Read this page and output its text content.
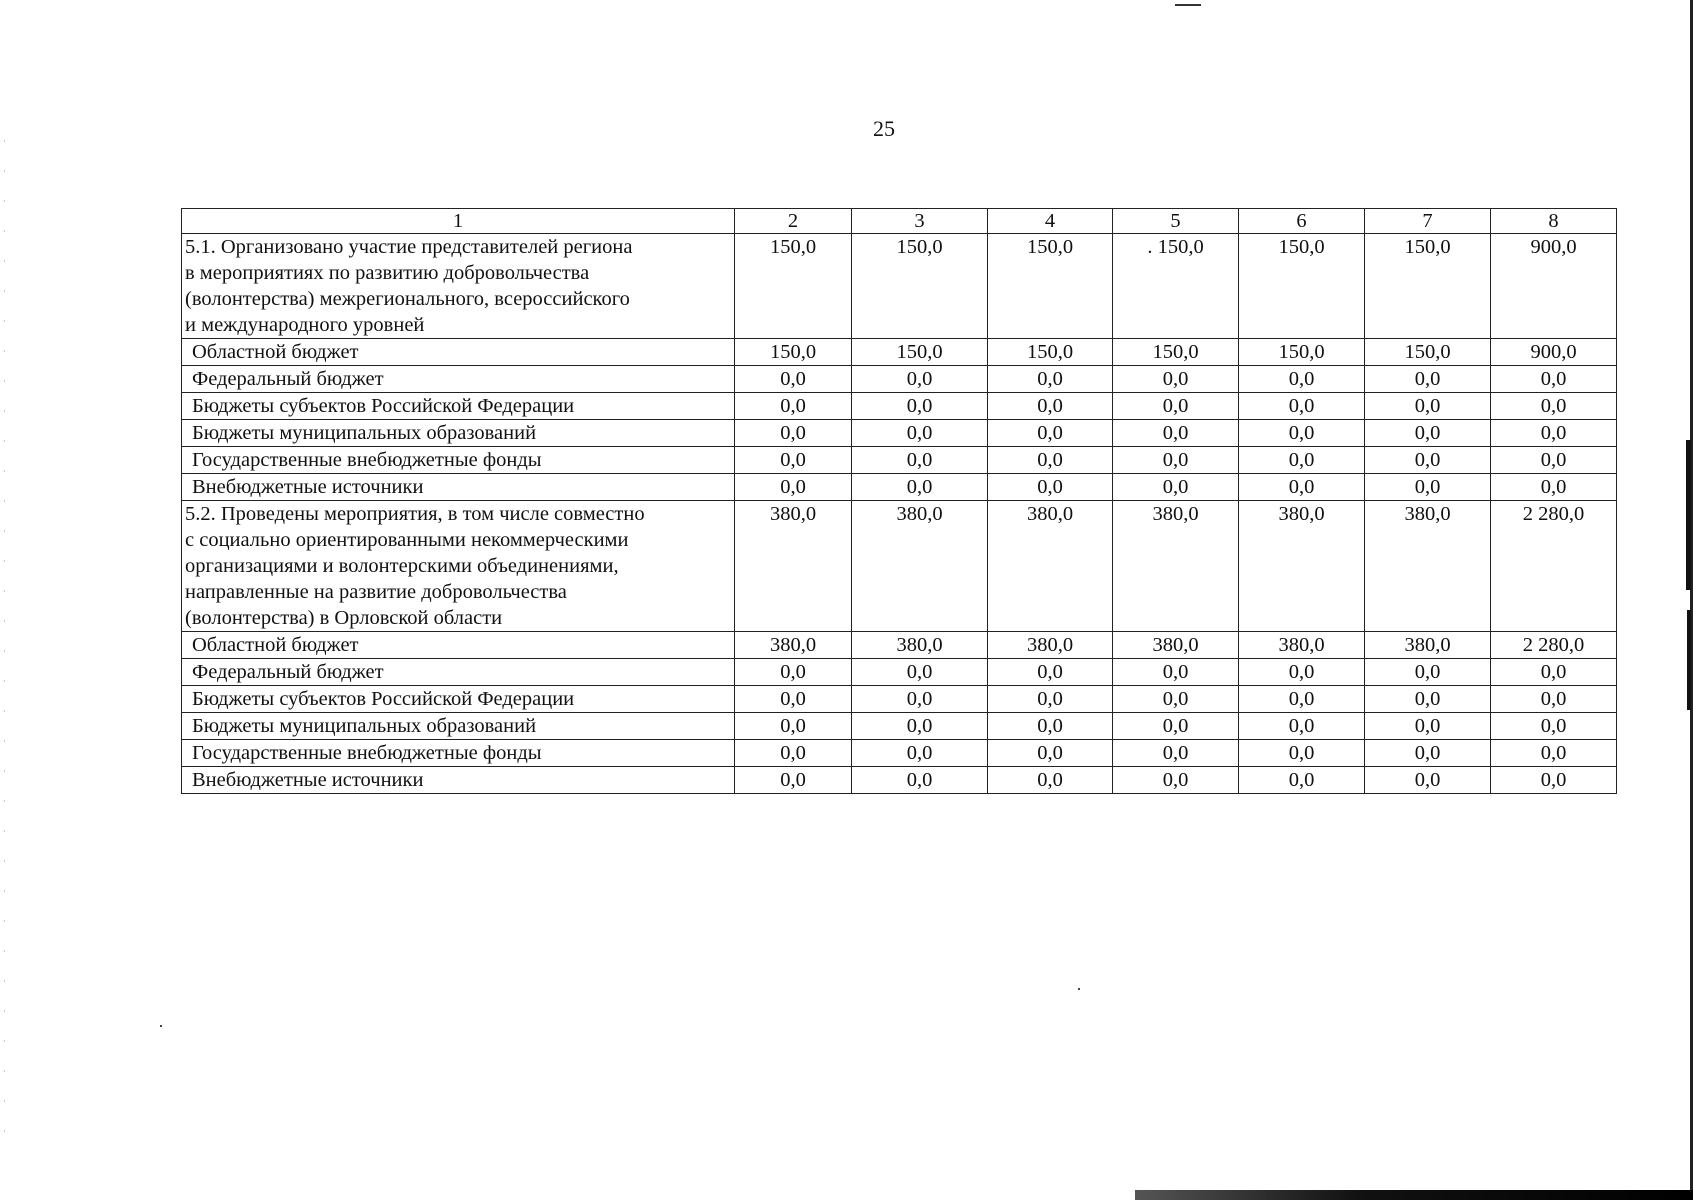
25
1	2	3	4	5	6	7	8

5.1. Организовано участие представителей региона
в мероприятиях по развитию добровольчества
(волонтерства) межрегионального, всероссийского
и международного уровней	150,0	150,0	150,0	. 150,0	150,0	150,0	900,0
Областной бюджет	150,0	150,0	150,0	150,0	150,0	150,0	900,0
Федеральный бюджет	0,0	0,0	0,0	0,0	0,0	0,0	0,0
Бюджеты субъектов Российской Федерации	0,0	0,0	0,0	0,0	0,0	0,0	0,0
Бюджеты муниципальных образований	0,0	0,0	0,0	0,0	0,0	0,0	0,0
Государственные внебюджетные фонды	0,0	0,0	0,0	0,0	0,0	0,0	0,0
Внебюджетные источники	0,0	0,0	0,0	0,0	0,0	0,0	0,0

5.2. Проведены мероприятия, в том числе совместно
с социально ориентированными некоммерческими
организациями и волонтерскими объединениями,
направленные на развитие добровольчества
(волонтерства) в Орловской области	380,0	380,0	380,0	380,0	380,0	380,0	2 280,0
Областной бюджет	380,0	380,0	380,0	380,0	380,0	380,0	2 280,0
Федеральный бюджет	0,0	0,0	0,0	0,0	0,0	0,0	0,0
Бюджеты субъектов Российской Федерации	0,0	0,0	0,0	0,0	0,0	0,0	0,0
Бюджеты муниципальных образований	0,0	0,0	0,0	0,0	0,0	0,0	0,0
Государственные внебюджетные фонды	0,0	0,0	0,0	0,0	0,0	0,0	0,0
Внебюджетные источники	0,0	0,0	0,0	0,0	0,0	0,0	0,0
